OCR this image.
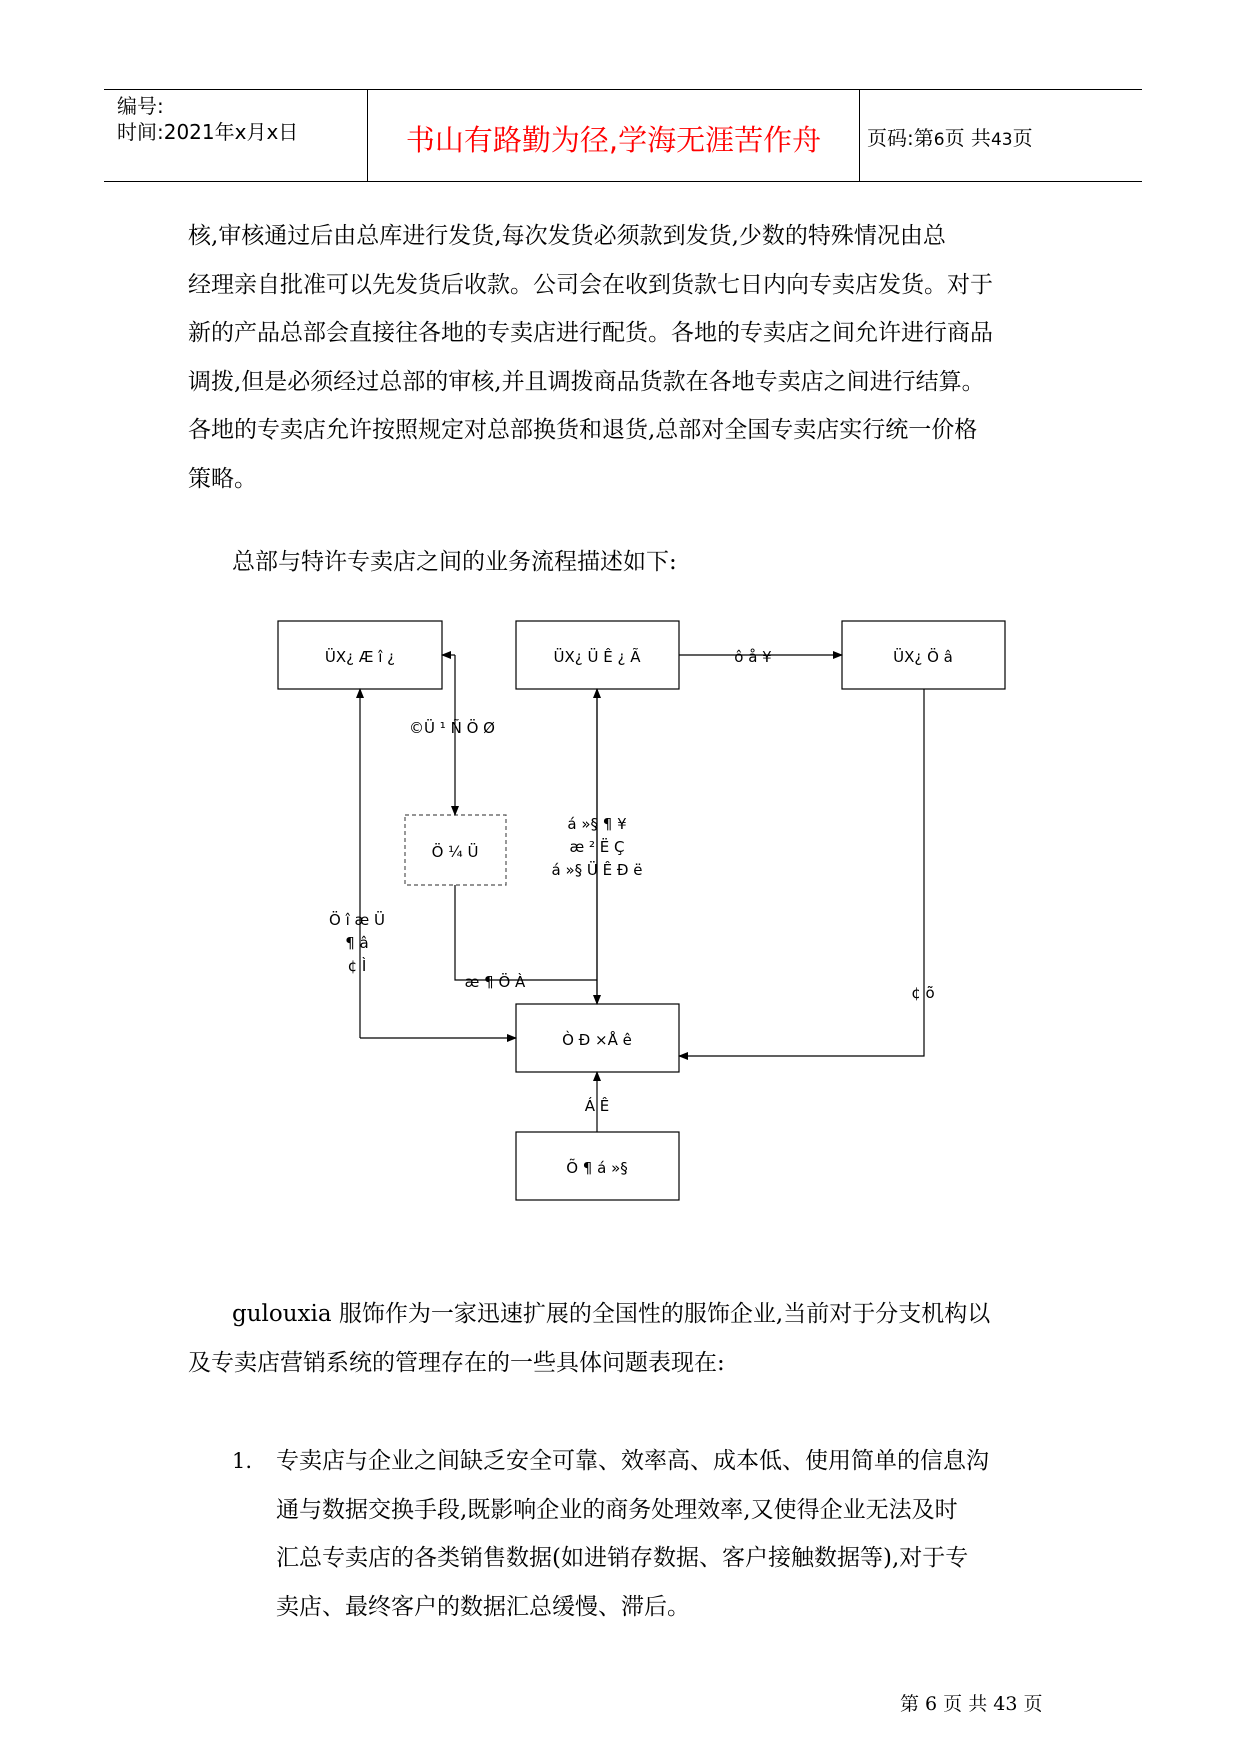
编号:
时间:2021年x月x日	书山有路勤为径,学海无涯苦作舟	页码:第6页 共43页
核,审核通过后由总库进行发货,每次发货必须款到发货,少数的特殊情况由总
经理亲自批准可以先发货后收款。公司会在收到货款七日内向专卖店发货。对于
新的产品总部会直接往各地的专卖店进行配货。各地的专卖店之间允许进行商品
调拨,但是必须经过总部的审核,并且调拨商品货款在各地专卖店之间进行结算。
各地的专卖店允许按照规定对总部换货和退货,总部对全国专卖店实行统一价格
策略。
总部与特许专卖店之间的业务流程描述如下:
ÜX¿ Æ î ¿	ÜX¿ Ü Ê ¿ Ã	ÜX¿ Ö â
Ö ¼ Ü
Ò Ð ×Å ê
Õ ¶ á »§
ô å ¥
©Ü ¹ Ñ Ö Ø
á »§ ¶ ¥
æ ² Ë Ç
á »§ Ü Ê Ð ë
Ö î æ Ü
¶ â
¢ Ì
æ ¶ Ö À
¢ õ
Á Ê
gulouxia 服饰作为一家迅速扩展的全国性的服饰企业,当前对于分支机构以
及专卖店营销系统的管理存在的一些具体问题表现在:
1. 专卖店与企业之间缺乏安全可靠、效率高、成本低、使用简单的信息沟
通与数据交换手段,既影响企业的商务处理效率,又使得企业无法及时
汇总专卖店的各类销售数据(如进销存数据、客户接触数据等),对于专
卖店、最终客户的数据汇总缓慢、滞后。
第 6 页 共 43 页
